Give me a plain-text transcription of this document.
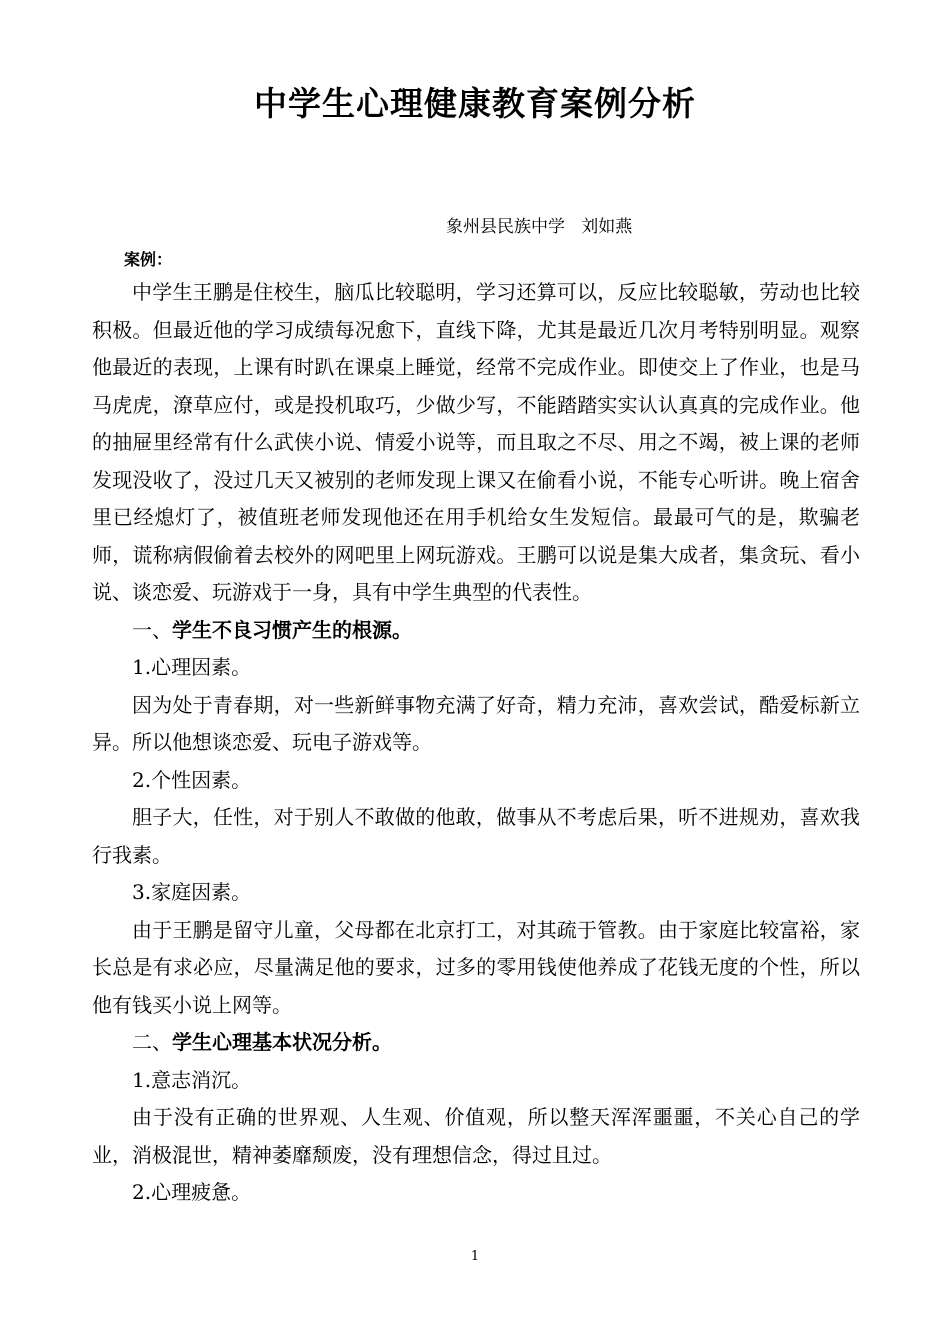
中学生心理健康教育案例分析
象州县民族中学   刘如燕
案例：

中学生王鹏是住校生，脑瓜比较聪明，学习还算可以，反应比较聪敏，劳动也比较积极。但最近他的学习成绩每况愈下，直线下降，尤其是最近几次月考特别明显。观察他最近的表现，上课有时趴在课桌上睡觉，经常不完成作业。即使交上了作业，也是马马虎虎，潦草应付，或是投机取巧，少做少写，不能踏踏实实认认真真的完成作业。他的抽屉里经常有什么武侠小说、情爱小说等，而且取之不尽、用之不竭，被上课的老师发现没收了，没过几天又被别的老师发现上课又在偷看小说，不能专心听讲。晚上宿舍里已经熄灯了，被值班老师发现他还在用手机给女生发短信。最最可气的是，欺骗老师，谎称病假偷着去校外的网吧里上网玩游戏。王鹏可以说是集大成者，集贪玩、看小说、谈恋爱、玩游戏于一身，具有中学生典型的代表性。

一、学生不良习惯产生的根源。

1.心理因素。

因为处于青春期，对一些新鲜事物充满了好奇，精力充沛，喜欢尝试，酷爱标新立异。所以他想谈恋爱、玩电子游戏等。

2.个性因素。

胆子大，任性，对于别人不敢做的他敢，做事从不考虑后果，听不进规劝，喜欢我行我素。

3.家庭因素。

由于王鹏是留守儿童，父母都在北京打工，对其疏于管教。由于家庭比较富裕，家长总是有求必应，尽量满足他的要求，过多的零用钱使他养成了花钱无度的个性，所以他有钱买小说上网等。

二、学生心理基本状况分析。

1.意志消沉。

由于没有正确的世界观、人生观、价值观，所以整天浑浑噩噩，不关心自己的学业，消极混世，精神萎靡颓废，没有理想信念，得过且过。

2.心理疲惫。

1
